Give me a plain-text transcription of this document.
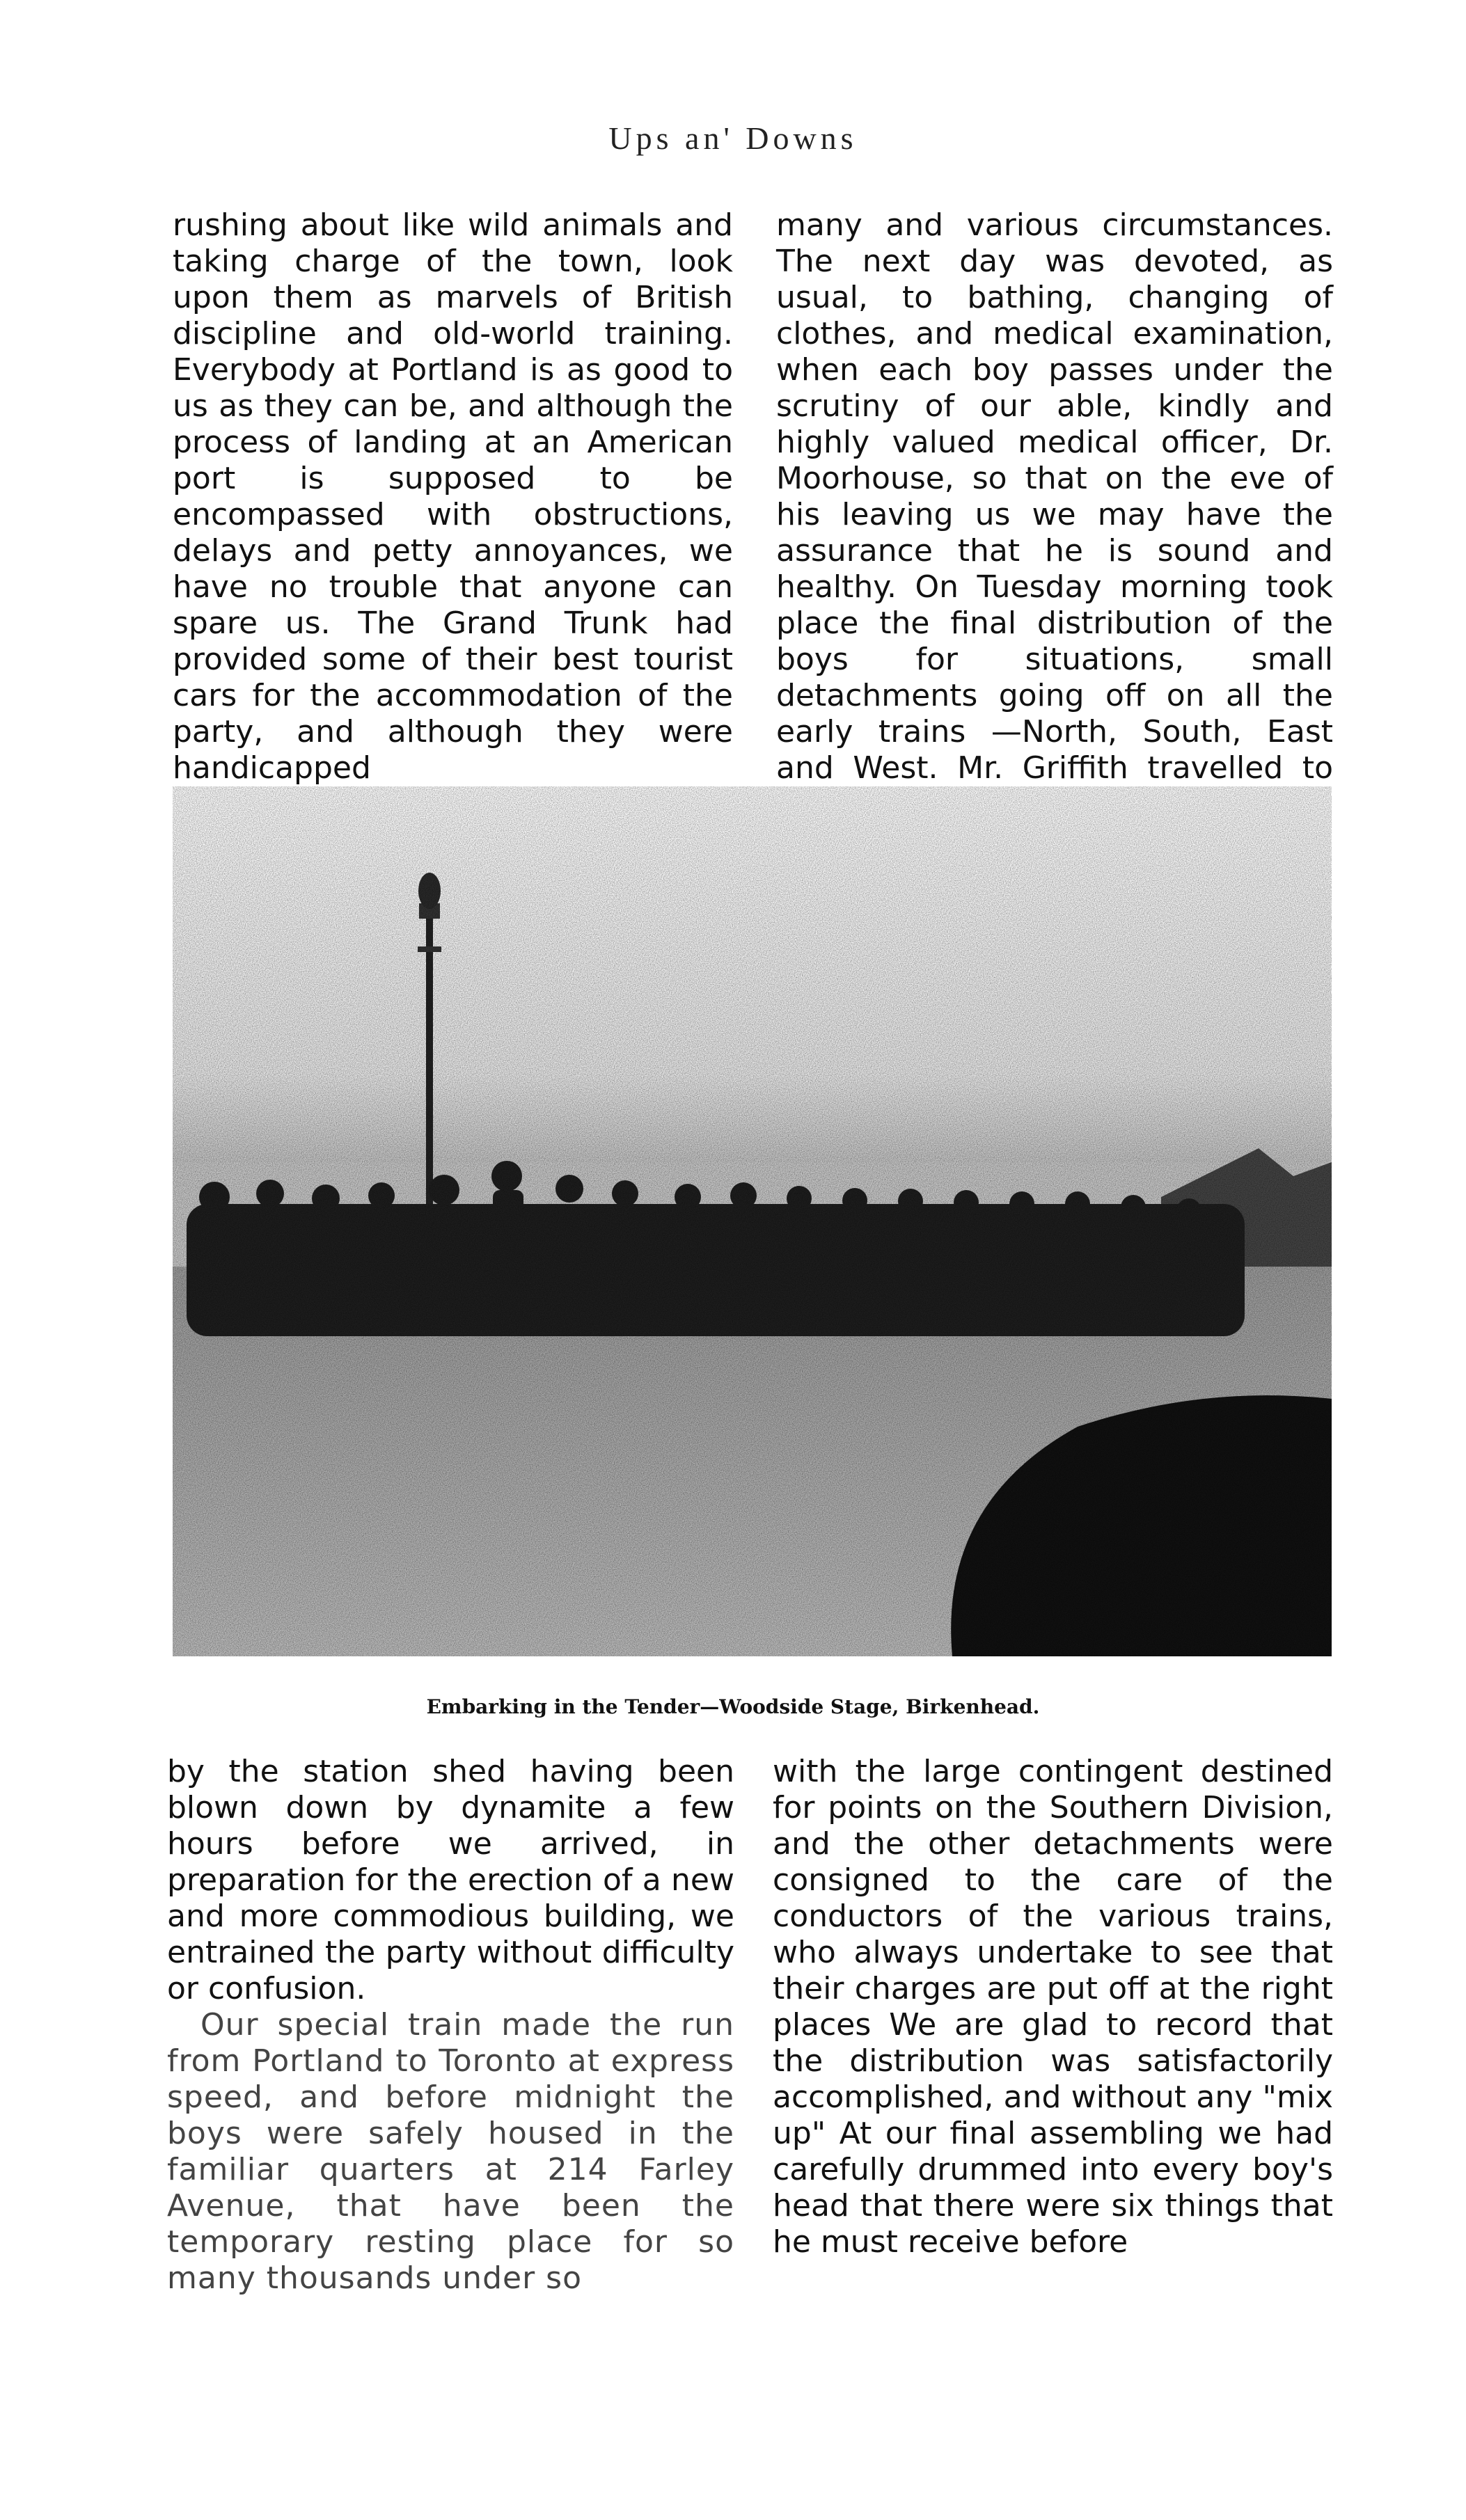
Ups an' Downs

rushing about like wild animals and taking charge of the town, look upon them as marvels of British discipline and old-world training. Everybody at Portland is as good to us as they can be, and although the process of landing at an American port is supposed to be encompassed with obstructions, delays and petty annoyances, we have no trouble that anyone can spare us. The Grand Trunk had provided some of their best tourist cars for the accommodation of the party, and although they were handicapped

many and various circumstances. The next day was devoted, as usual, to bathing, changing of clothes, and medical examination, when each boy passes under the scrutiny of our able, kindly and highly valued medical officer, Dr. Moorhouse, so that on the eve of his leaving us we may have the assurance that he is sound and healthy. On Tuesday morning took place the final distribution of the boys for situations, small detachments going off on all the early trains —North, South, East and West. Mr. Griffith travelled to

Embarking in the Tender—Woodside Stage, Birkenhead.

by the station shed having been blown down by dynamite a few hours before we arrived, in preparation for the erection of a new and more commodious building, we entrained the party without difficulty or confusion.

Our special train made the run from Portland to Toronto at express speed, and before midnight the boys were safely housed in the familiar quarters at 214 Farley Avenue, that have been the temporary resting place for so many thousands under so

with the large contingent destined for points on the Southern Division, and the other detachments were consigned to the care of the conductors of the various trains, who always undertake to see that their charges are put off at the right places We are glad to record that the distribution was satisfactorily accomplished, and without any "mix up" At our final assembling we had carefully drummed into every boy's head that there were six things that he must receive before
